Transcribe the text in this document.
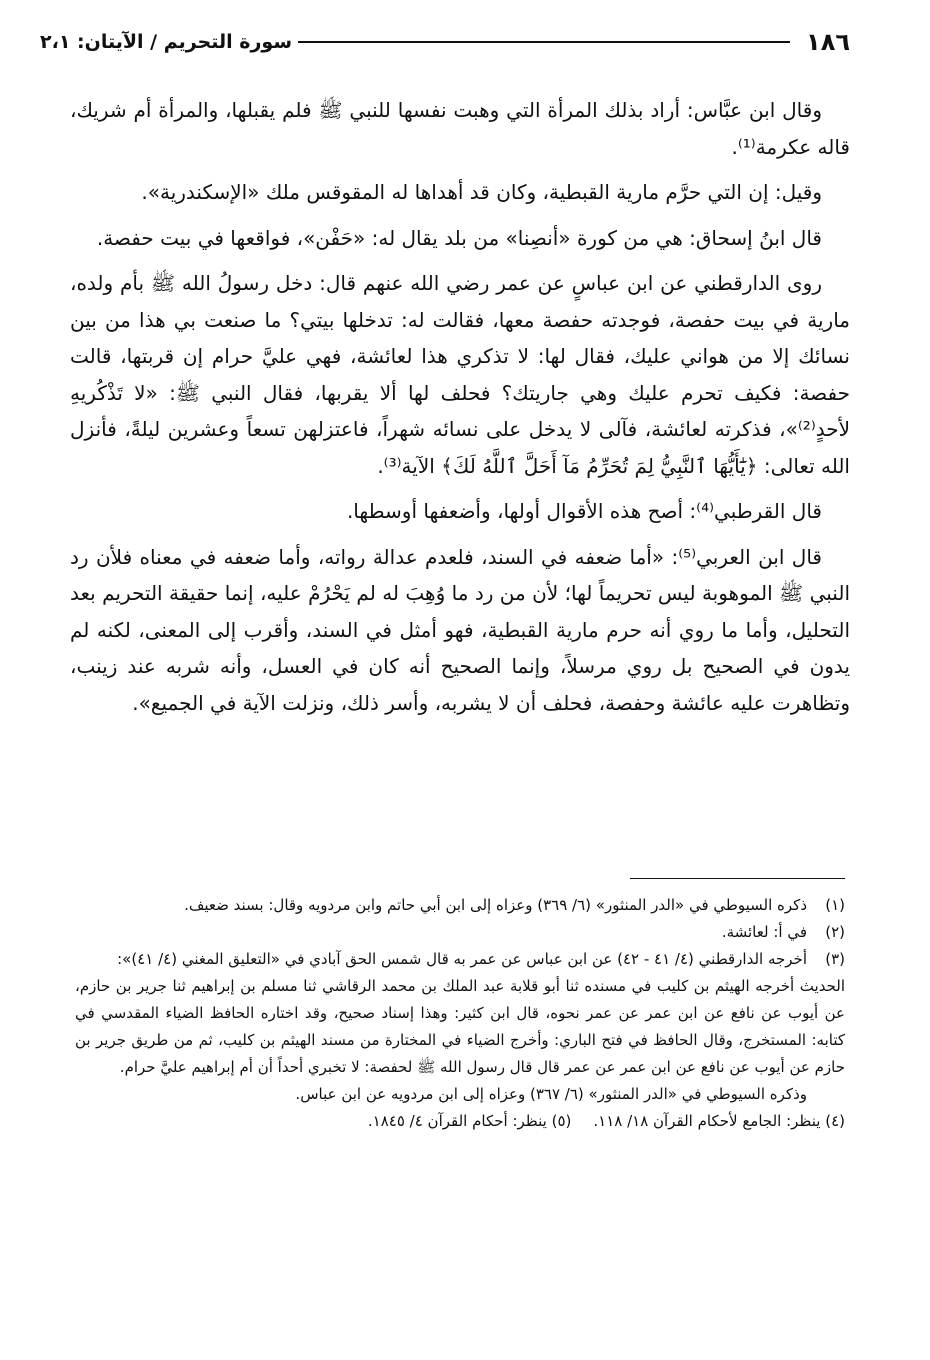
١٨٦
سورة التحريم / الآيتان: ٢،١

وقال ابن عبَّاس: أراد بذلك المرأة التي وهبت نفسها للنبي ﷺ فلم يقبلها، والمرأة أم شريك، قاله عكرمة⁽¹⁾.

وقيل: إن التي حرَّم مارية القبطية، وكان قد أهداها له المقوقس ملك «الإسكندرية».

قال ابنُ إسحاق: هي من كورة «أنصِنا» من بلد يقال له: «حَفْن»، فواقعها في بيت حفصة.

روى الدارقطني عن ابن عباسٍ عن عمر رضي الله عنهم قال: دخل رسولُ الله ﷺ بأم ولده، مارية في بيت حفصة، فوجدته حفصة معها، فقالت له: تدخلها بيتي؟ ما صنعت بي هذا من بين نسائك إلا من هواني عليك، فقال لها: لا تذكري هذا لعائشة، فهي عليَّ حرام إن قربتها، قالت حفصة: فكيف تحرم عليك وهي جاريتك؟ فحلف لها ألا يقربها، فقال النبي ﷺ: «لا تَذْكُريهِ لأحدٍ⁽²⁾»، فذكرته لعائشة، فآلى لا يدخل على نسائه شهراً، فاعتزلهن تسعاً وعشرين ليلةً، فأنزل الله تعالى: ﴿يَٰٓأَيُّهَا ٱلنَّبِيُّ لِمَ تُحَرِّمُ مَآ أَحَلَّ ٱللَّهُ لَكَ﴾ الآية⁽³⁾.

قال القرطبي⁽⁴⁾: أصح هذه الأقوال أولها، وأضعفها أوسطها.

قال ابن العربي⁽⁵⁾: «أما ضعفه في السند، فلعدم عدالة رواته، وأما ضعفه في معناه فلأن رد النبي ﷺ الموهوبة ليس تحريماً لها؛ لأن من رد ما وُهِبَ له لم يَحْرُمْ عليه، إنما حقيقة التحريم بعد التحليل، وأما ما روي أنه حرم مارية القبطية، فهو أمثل في السند، وأقرب إلى المعنى، لكنه لم يدون في الصحيح بل روي مرسلاً، وإنما الصحيح أنه كان في العسل، وأنه شربه عند زينب، وتظاهرت عليه عائشة وحفصة، فحلف أن لا يشربه، وأسر ذلك، ونزلت الآية في الجميع».

(١)
ذكره السيوطي في «الدر المنثور» (٦/ ٣٦٩) وعزاه إلى ابن أبي حاتم وابن مردويه وقال: بسند ضعيف.
(٢)
في أ: لعائشة.
(٣)
أخرجه الدارقطني (٤/ ٤١ - ٤٢) عن ابن عباس عن عمر به قال شمس الحق آبادي في «التعليق المغني (٤/ ٤١)»:

الحديث أخرجه الهيثم بن كليب في مسنده ثنا أبو قلابة عبد الملك بن محمد الرقاشي ثنا مسلم بن إبراهيم ثنا جرير بن حازم، عن أيوب عن نافع عن ابن عمر عن عمر نحوه، قال ابن كثير: وهذا إسناد صحيح، وقد اختاره الحافظ الضياء المقدسي في كتابه: المستخرج، وقال الحافظ في فتح الباري: وأخرج الضياء في المختارة من مسند الهيثم بن كليب، ثم من طريق جرير بن حازم عن أيوب عن نافع عن ابن عمر عن عمر قال قال رسول الله ﷺ لحفصة: لا تخبري أحداً أن أم إبراهيم عليَّ حرام.

وذكره السيوطي في «الدر المنثور» (٦/ ٣٦٧) وعزاه إلى ابن مردويه عن ابن عباس.
(٤) ينظر: الجامع لأحكام القرآن ١٨/ ١١٨.
(٥) ينظر: أحكام القرآن ٤/ ١٨٤٥.
